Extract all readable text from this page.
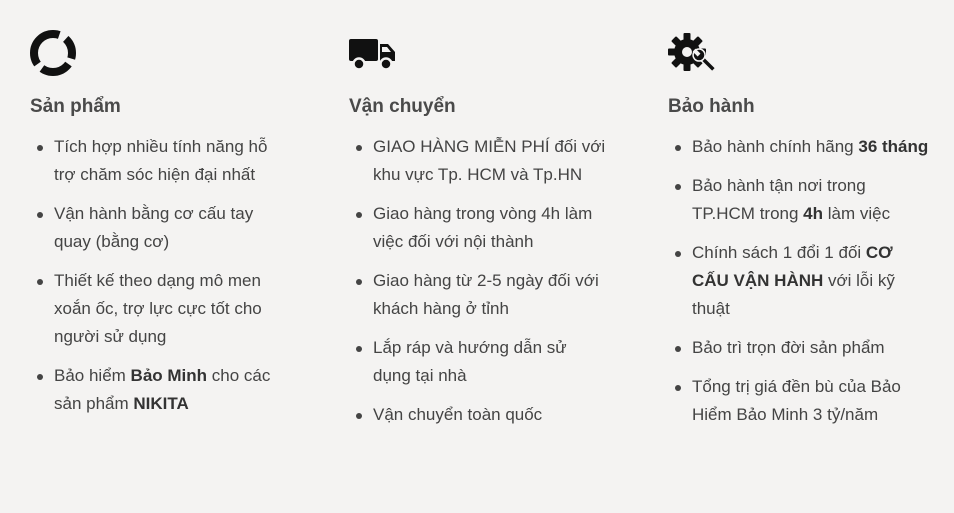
Sản phẩm
Tích hợp nhiều tính năng hỗ trợ chăm sóc hiện đại nhất
Vận hành bằng cơ cấu tay quay (bằng cơ)
Thiết kế theo dạng mô men xoắn ốc, trợ lực cực tốt cho người sử dụng
Bảo hiểm Bảo Minh cho các sản phẩm NIKITA
Vận chuyển
GIAO HÀNG MIỄN PHÍ đối với khu vực Tp. HCM và Tp.HN
Giao hàng trong vòng 4h làm việc đối với nội thành
Giao hàng từ 2-5 ngày đối với khách hàng ở tỉnh
Lắp ráp và hướng dẫn sử dụng tại nhà
Vận chuyển toàn quốc
Bảo hành
Bảo hành chính hãng 36 tháng
Bảo hành tận nơi trong TP.HCM trong 4h làm việc
Chính sách 1 đổi 1 đối CƠ CẤU VẬN HÀNH với lỗi kỹ thuật
Bảo trì trọn đời sản phẩm
Tổng trị giá đền bù của Bảo Hiểm Bảo Minh 3 tỷ/năm
